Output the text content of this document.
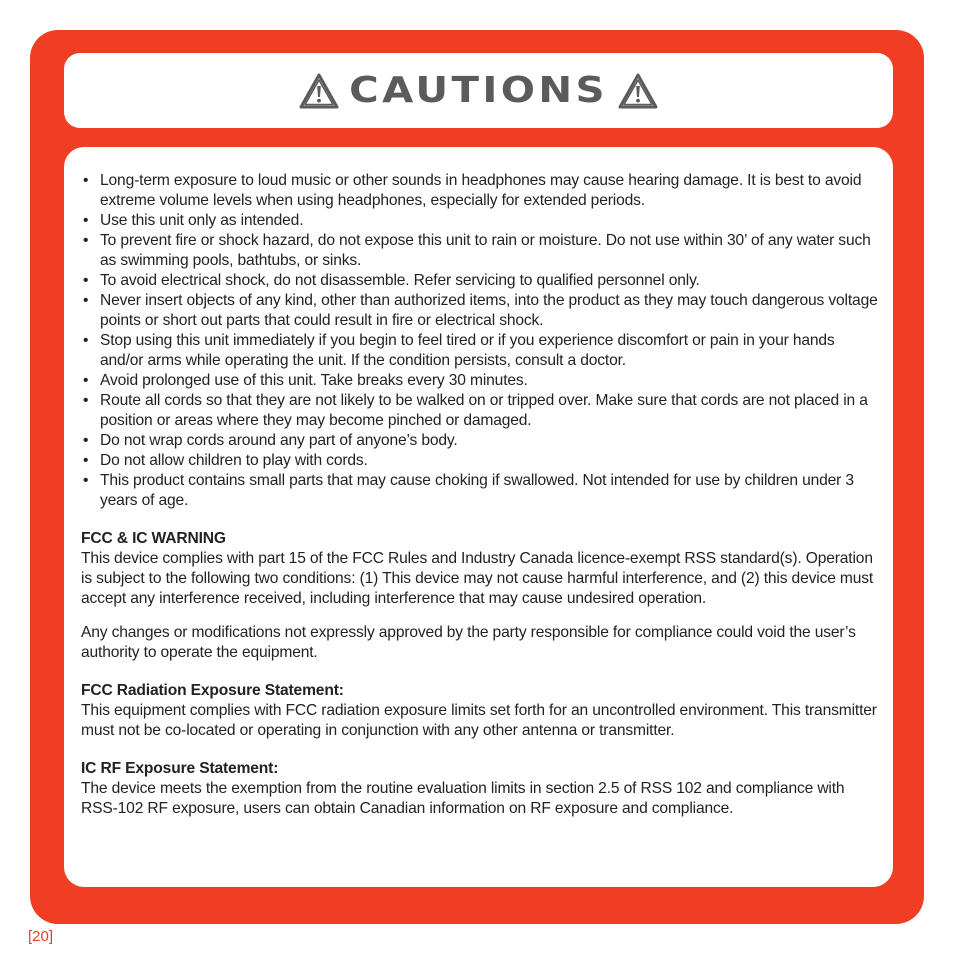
CAUTIONS
• Long-term exposure to loud music or other sounds in headphones may cause hearing damage. It is best to avoid extreme volume levels when using headphones, especially for extended periods.
• Use this unit only as intended.
• To prevent fire or shock hazard, do not expose this unit to rain or moisture. Do not use within 30’ of any water such as swimming pools, bathtubs, or sinks.
• To avoid electrical shock, do not disassemble. Refer servicing to qualified personnel only.
• Never insert objects of any kind, other than authorized items, into the product as they may touch dangerous voltage points or short out parts that could result in fire or electrical shock.
• Stop using this unit immediately if you begin to feel tired or if you experience discomfort or pain in your hands and/or arms while operating the unit. If the condition persists, consult a doctor.
• Avoid prolonged use of this unit. Take breaks every 30 minutes.
• Route all cords so that they are not likely to be walked on or tripped over. Make sure that cords are not placed in a position or areas where they may become pinched or damaged.
• Do not wrap cords around any part of anyone’s body.
• Do not allow children to play with cords.
• This product contains small parts that may cause choking if swallowed. Not intended for use by children under 3 years of age.
FCC & IC WARNING

This device complies with part 15 of the FCC Rules and Industry Canada licence-exempt RSS standard(s). Operation is subject to the following two conditions: (1) This device may not cause harmful interference, and (2) this device must accept any interference received, including interference that may cause undesired operation.

Any changes or modifications not expressly approved by the party responsible for compliance could void the user’s authority to operate the equipment.

FCC Radiation Exposure Statement:

This equipment complies with FCC radiation exposure limits set forth for an uncontrolled environment. This transmitter must not be co-located or operating in conjunction with any other antenna or transmitter.

IC RF Exposure Statement:

The device meets the exemption from the routine evaluation limits in section 2.5 of RSS 102 and compliance with RSS-102 RF exposure, users can obtain Canadian information on RF exposure and compliance.

[20]
